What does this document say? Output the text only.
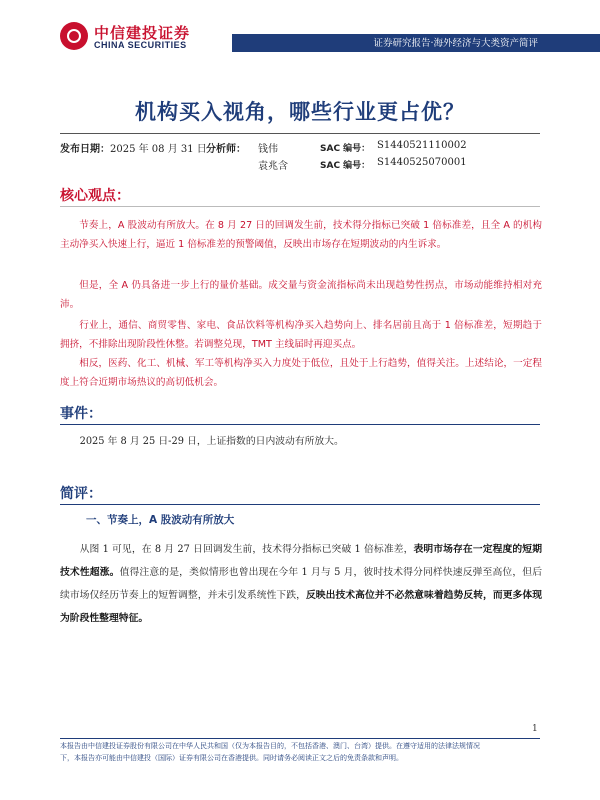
中信建投证券
CHINA SECURITIES	证券研究报告·海外经济与大类资产简评
机构买入视角，哪些行业更占优？
发布日期：2025 年 08 月 31 日 分析师： 钱伟	SAC 编号： S1440521110002
袁兆含	SAC 编号： S1440525070001
核心观点：
节奏上，A 股波动有所放大。在 8 月 27 日的回调发生前，技术得分指标已突破 1 倍标准差，且全 A 的机构主动净买入快速上行，逼近 1 倍标准差的预警阈值，反映出市场存在短期波动的内生诉求。
但是，全 A 仍具备进一步上行的量价基础。成交量与资金流指标尚未出现趋势性拐点，市场动能维持相对充沛。
行业上，通信、商贸零售、家电、食品饮料等机构净买入趋势向上、排名居前且高于 1 倍标准差，短期趋于拥挤，不排除出现阶段性休整。若调整兑现，TMT 主线届时再迎买点。
相反，医药、化工、机械、军工等机构净买入力度处于低位，且处于上行趋势，值得关注。上述结论，一定程度上符合近期市场热议的高切低机会。
事件：
2025 年 8 月 25 日-29 日，上证指数的日内波动有所放大。
简评：
一、节奏上，A 股波动有所放大
从图 1 可见，在 8 月 27 日回调发生前，技术得分指标已突破 1 倍标准差，表明市场存在一定程度的短期技术性超涨。值得注意的是，类似情形也曾出现在今年 1 月与 5 月，彼时技术得分同样快速反弹至高位，但后续市场仅经历节奏上的短暂调整，并未引发系统性下跌，反映出技术高位并不必然意味着趋势反转，而更多体现为阶段性整理特征。
1
本报告由中信建投证券股份有限公司在中华人民共和国（仅为本报告目的，不包括香港、澳门、台湾）提供。在遵守适用的法律法规情况
下，本报告亦可能由中信建投（国际）证券有限公司在香港提供。同时请务必阅读正文之后的免责条款和声明。
